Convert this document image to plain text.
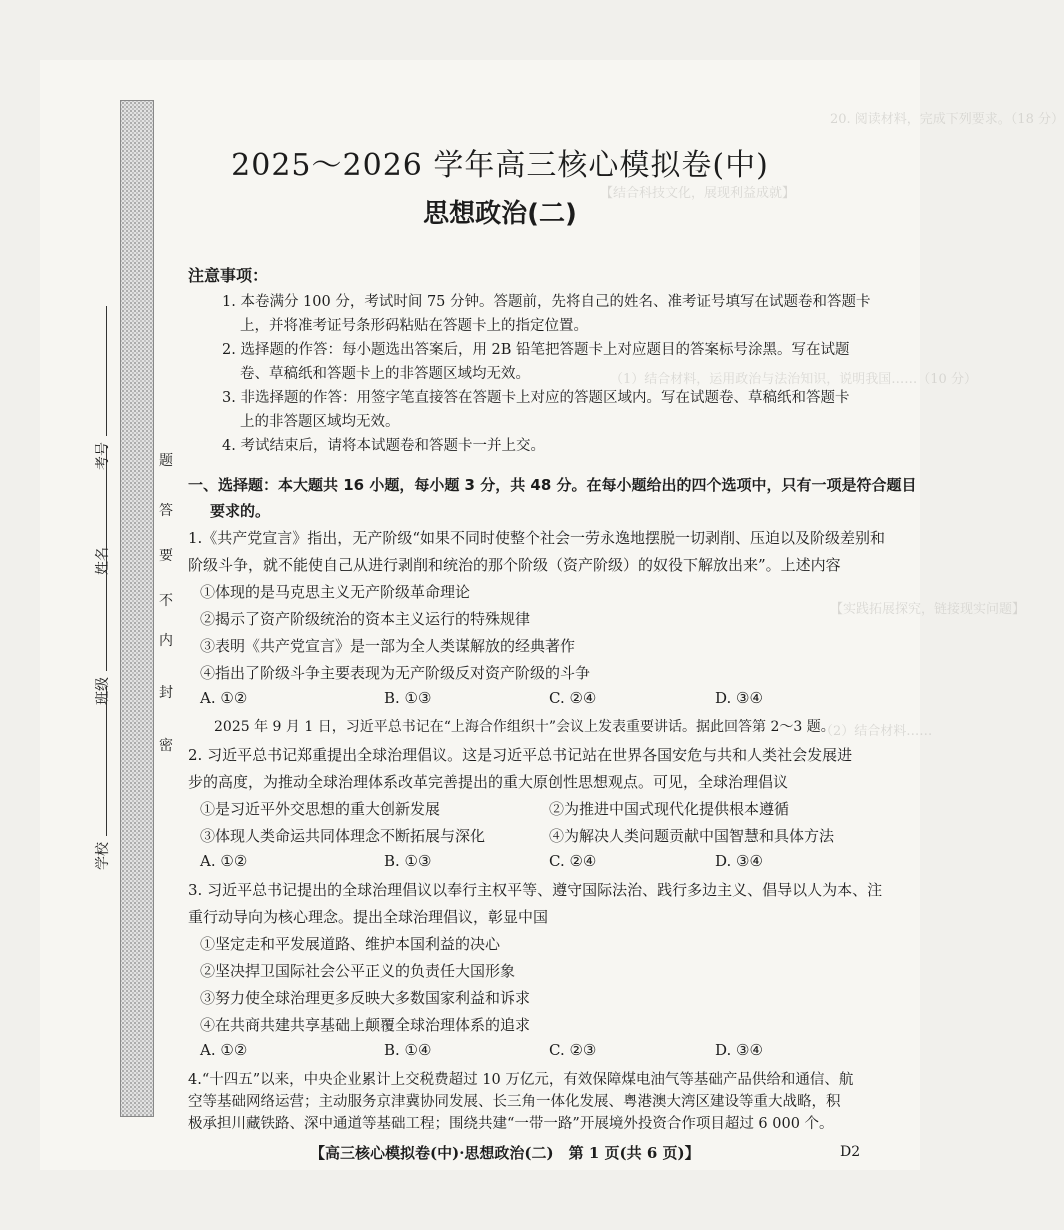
20. 阅读材料，完成下列要求。（18 分）
【结合科技文化，展现利益成就】
（1）结合材料，运用政治与法治知识，说明我国……（10 分）
【实践拓展探究，链接现实问题】
（2）结合材料……
学校
班级
姓名
考号
密
封
内
不
要
答
题
2025～2026 学年高三核心模拟卷(中)
思想政治(二)
注意事项：
1. 本卷满分 100 分，考试时间 75 分钟。答题前，先将自己的姓名、准考证号填写在试题卷和答题卡
上，并将准考证号条形码粘贴在答题卡上的指定位置。
2. 选择题的作答：每小题选出答案后，用 2B 铅笔把答题卡上对应题目的答案标号涂黑。写在试题
卷、草稿纸和答题卡上的非答题区域均无效。
3. 非选择题的作答：用签字笔直接答在答题卡上对应的答题区域内。写在试题卷、草稿纸和答题卡
上的非答题区域均无效。
4. 考试结束后，请将本试题卷和答题卡一并上交。
一、选择题：本大题共 16 小题，每小题 3 分，共 48 分。在每小题给出的四个选项中，只有一项是符合题目
要求的。
1.《共产党宣言》指出，无产阶级“如果不同时使整个社会一劳永逸地摆脱一切剥削、压迫以及阶级差别和
阶级斗争，就不能使自己从进行剥削和统治的那个阶级（资产阶级）的奴役下解放出来”。上述内容
①体现的是马克思主义无产阶级革命理论
②揭示了资产阶级统治的资本主义运行的特殊规律
③表明《共产党宣言》是一部为全人类谋解放的经典著作
④指出了阶级斗争主要表现为无产阶级反对资产阶级的斗争
A. ①②	B. ①③	C. ②④	D. ③④
2025 年 9 月 1 日，习近平总书记在“上海合作组织十”会议上发表重要讲话。据此回答第 2～3 题。
2. 习近平总书记郑重提出全球治理倡议。这是习近平总书记站在世界各国安危与共和人类社会发展进
步的高度，为推动全球治理体系改革完善提出的重大原创性思想观点。可见，全球治理倡议
①是习近平外交思想的重大创新发展	②为推进中国式现代化提供根本遵循
③体现人类命运共同体理念不断拓展与深化	④为解决人类问题贡献中国智慧和具体方法
A. ①②	B. ①③	C. ②④	D. ③④
3. 习近平总书记提出的全球治理倡议以奉行主权平等、遵守国际法治、践行多边主义、倡导以人为本、注
重行动导向为核心理念。提出全球治理倡议，彰显中国
①坚定走和平发展道路、维护本国利益的决心
②坚决捍卫国际社会公平正义的负责任大国形象
③努力使全球治理更多反映大多数国家利益和诉求
④在共商共建共享基础上颠覆全球治理体系的追求
A. ①②	B. ①④	C. ②③	D. ③④
4.“十四五”以来，中央企业累计上交税费超过 10 万亿元，有效保障煤电油气等基础产品供给和通信、航
【高三核心模拟卷(中)·思想政治(二)　第 1 页(共 6 页)】	D2
空等基础网络运营；主动服务京津冀协同发展、长三角一体化发展、粤港澳大湾区建设等重大战略，积
极承担川藏铁路、深中通道等基础工程；围绕共建“一带一路”开展境外投资合作项目超过 6 000 个。
